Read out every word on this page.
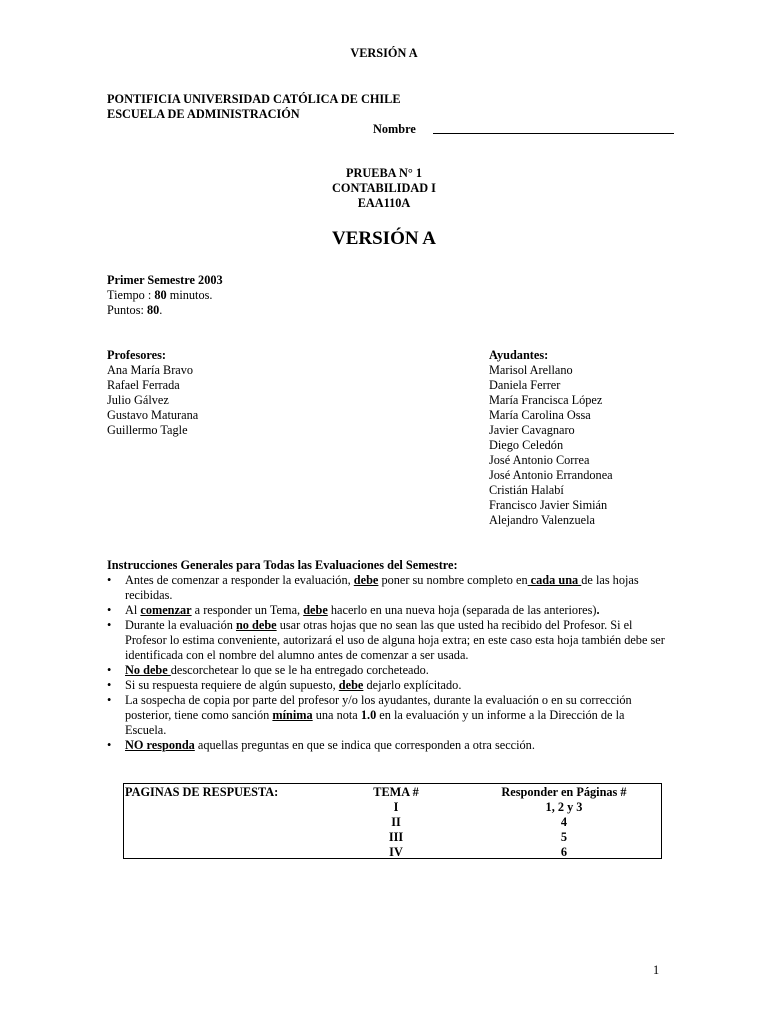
VERSIÓN A
PONTIFICIA UNIVERSIDAD CATÓLICA DE CHILE
ESCUELA DE ADMINISTRACIÓN
Nombre
PRUEBA N° 1
CONTABILIDAD I
EAA110A
VERSIÓN A
Primer Semestre 2003
Tiempo : 80 minutos.
Puntos: 80.
Profesores:
Ana María Bravo
Rafael Ferrada
Julio Gálvez
Gustavo Maturana
Guillermo Tagle
Ayudantes:
Marisol Arellano
Daniela Ferrer
María Francisca López
María Carolina Ossa
Javier Cavagnaro
Diego Celedón
José Antonio Correa
José Antonio Errandonea
Cristián Halabí
Francisco Javier Simián
Alejandro Valenzuela
Instrucciones Generales para Todas las Evaluaciones del Semestre:
• Antes de comenzar a responder la evaluación, debe poner su nombre completo en cada una de las hojas recibidas.
• Al comenzar a responder un Tema, debe hacerlo en una nueva hoja (separada de las anteriores).
• Durante la evaluación no debe usar otras hojas que no sean las que usted ha recibido del Profesor. Si el Profesor lo estima conveniente, autorizará el uso de alguna hoja extra; en este caso esta hoja también debe ser identificada con el nombre del alumno antes de comenzar a ser usada.
• No debe descorchetear lo que se le ha entregado corcheteado.
• Si su respuesta requiere de algún supuesto, debe dejarlo explícitado.
• La sospecha de copia por parte del profesor y/o los ayudantes, durante la evaluación o en su corrección posterior, tiene como sanción mínima una nota 1.0 en la evaluación y un informe a la Dirección de la Escuela.
• NO responda aquellas preguntas en que se indica que corresponden a otra sección.
PAGINAS DE RESPUESTA:	TEMA #
I
II
III
IV
Responder en Páginas #
1, 2 y 3
4
5
6
1
